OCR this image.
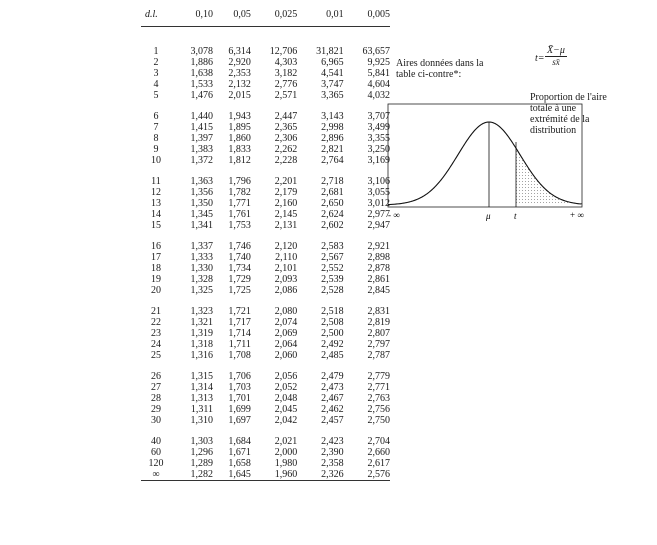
d.l.	0,10	0,05	0,025	0,01	0,005
1	3,078	6,314	12,706	31,821	63,657
2	1,886	2,920	4,303	6,965	9,925
3	1,638	2,353	3,182	4,541	5,841
4	1,533	2,132	2,776	3,747	4,604
5	1,476	2,015	2,571	3,365	4,032
6	1,440	1,943	2,447	3,143	3,707
7	1,415	1,895	2,365	2,998	3,499
8	1,397	1,860	2,306	2,896	3,355
9	1,383	1,833	2,262	2,821	3,250
10	1,372	1,812	2,228	2,764	3,169
11	1,363	1,796	2,201	2,718	3,106
12	1,356	1,782	2,179	2,681	3,055
13	1,350	1,771	2,160	2,650	3,012
14	1,345	1,761	2,145	2,624	2,977
15	1,341	1,753	2,131	2,602	2,947
16	1,337	1,746	2,120	2,583	2,921
17	1,333	1,740	2,110	2,567	2,898
18	1,330	1,734	2,101	2,552	2,878
19	1,328	1,729	2,093	2,539	2,861
20	1,325	1,725	2,086	2,528	2,845
21	1,323	1,721	2,080	2,518	2,831
22	1,321	1,717	2,074	2,508	2,819
23	1,319	1,714	2,069	2,500	2,807
24	1,318	1,711	2,064	2,492	2,797
25	1,316	1,708	2,060	2,485	2,787
26	1,315	1,706	2,056	2,479	2,779
27	1,314	1,703	2,052	2,473	2,771
28	1,313	1,701	2,048	2,467	2,763
29	1,311	1,699	2,045	2,462	2,756
30	1,310	1,697	2,042	2,457	2,750
40	1,303	1,684	2,021	2,423	2,704
60	1,296	1,671	2,000	2,390	2,660
120	1,289	1,658	1,980	2,358	2,617
∞	1,282	1,645	1,960	2,326	2,576
Aires données dans la table ci-contre*:
$t= \frac{X̄-\mu}{sx̄}$
Proportion de l'aire totale à une extrémité de la distribution
- ∞	μ	t	+ ∞
